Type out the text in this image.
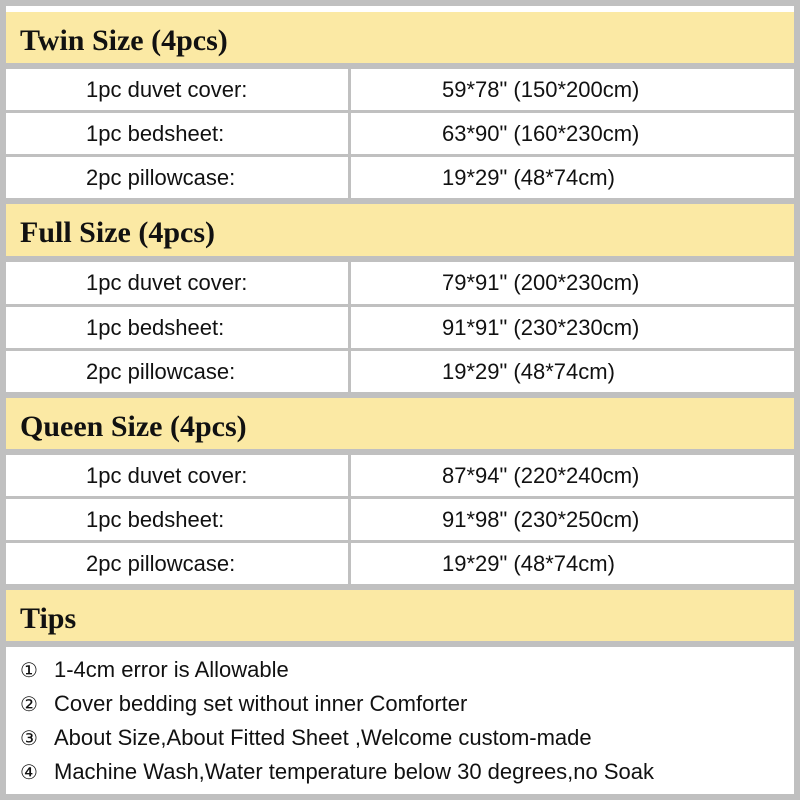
Twin Size (4pcs)
1pc duvet cover:	59*78" (150*200cm)
1pc bedsheet:	63*90" (160*230cm)
2pc pillowcase:	19*29" (48*74cm)
Full Size (4pcs)
1pc duvet cover:	79*91" (200*230cm)
1pc bedsheet:	91*91" (230*230cm)
2pc pillowcase:	19*29" (48*74cm)
Queen Size (4pcs)
1pc duvet cover:	87*94" (220*240cm)
1pc bedsheet:	91*98" (230*250cm)
2pc pillowcase:	19*29" (48*74cm)
Tips
① 1-4cm error is Allowable
② Cover bedding set without inner Comforter
③ About Size,About Fitted Sheet ,Welcome custom-made
④ Machine Wash,Water temperature below 30 degrees,no Soak
